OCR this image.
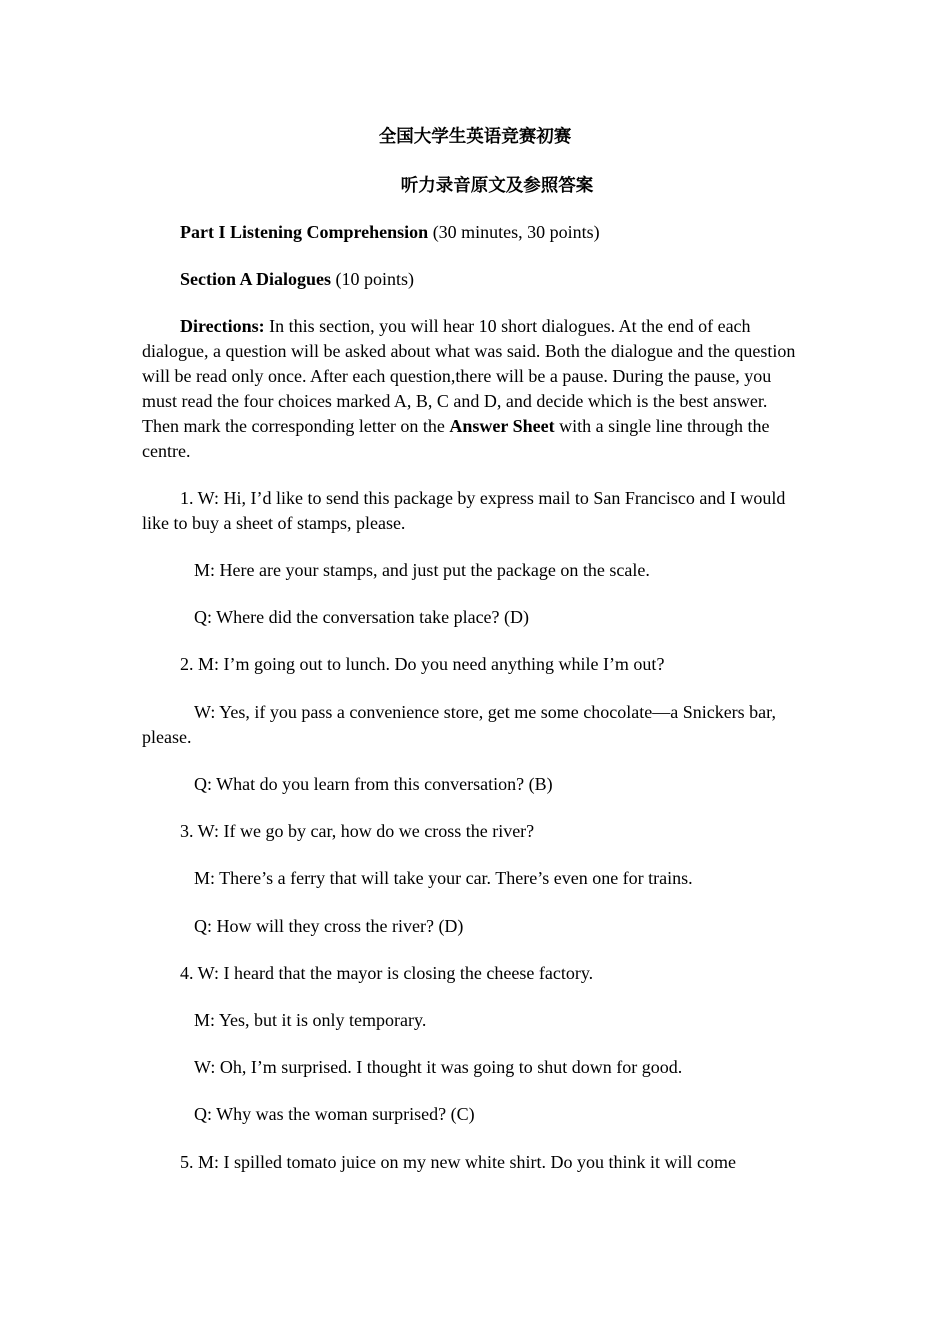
全国大学生英语竞赛初赛
听力录音原文及参照答案
Part I Listening Comprehension (30 minutes, 30 points)
Section A Dialogues (10 points)
Directions: In this section, you will hear 10 short dialogues. At the end of each dialogue, a question will be asked about what was said. Both the dialogue and the question will be read only once. After each question,there will be a pause. During the pause, you must read the four choices marked A, B, C and D, and decide which is the best answer. Then mark the corresponding letter on the Answer Sheet with a single line through the centre.
1. W: Hi, I’d like to send this package by express mail to San Francisco and I would like to buy a sheet of stamps, please.
M: Here are your stamps, and just put the package on the scale.
Q: Where did the conversation take place? (D)
2. M: I’m going out to lunch. Do you need anything while I’m out?
W: Yes, if you pass a convenience store, get me some chocolate—a Snickers bar, please.
Q: What do you learn from this conversation? (B)
3. W: If we go by car, how do we cross the river?
M: There’s a ferry that will take your car. There’s even one for trains.
Q: How will they cross the river? (D)
4. W: I heard that the mayor is closing the cheese factory.
M: Yes, but it is only temporary.
W: Oh, I’m surprised. I thought it was going to shut down for good.
Q: Why was the woman surprised? (C)
5. M: I spilled tomato juice on my new white shirt. Do you think it will come
